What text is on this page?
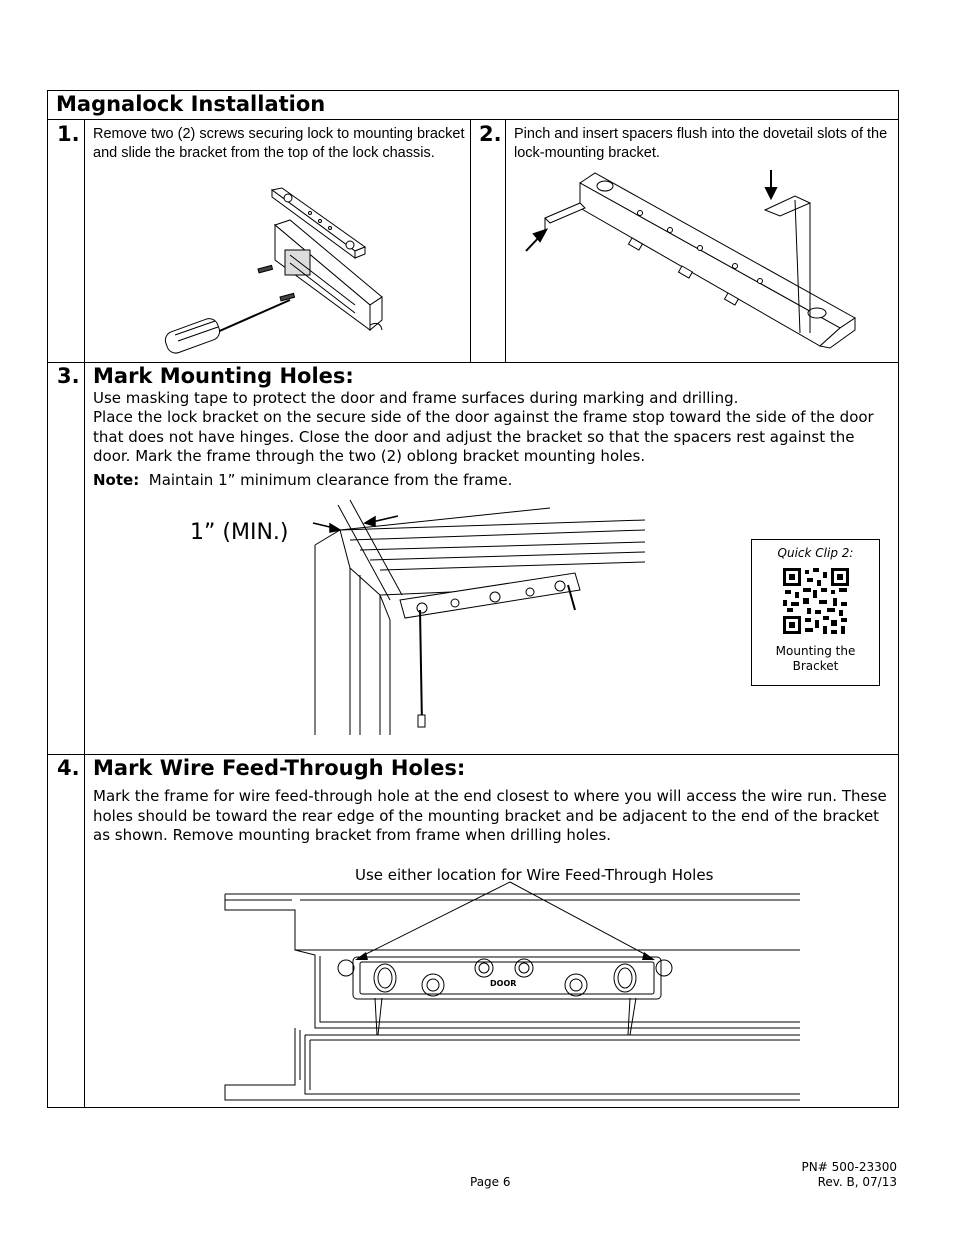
Magnalock Installation
1. Remove two (2) screws securing lock to mounting bracket and slide the bracket from the top of the lock chassis.
2. Pinch and insert spacers flush into the dovetail slots of the lock-mounting bracket.
3. Mark Mounting Holes:
Use masking tape to protect the door and frame surfaces during marking and drilling.
Place the lock bracket on the secure side of the door against the frame stop toward the side of the door that does not have hinges. Close the door and adjust the bracket so that the spacers rest against the door. Mark the frame through the two (2) oblong bracket mounting holes.
Note: Maintain 1” minimum clearance from the frame.
1” (MIN.)
Quick Clip 2:
Mounting the Bracket
4. Mark Wire Feed-Through Holes:
Mark the frame for wire feed-through hole at the end closest to where you will access the wire run. These holes should be toward the rear edge of the mounting bracket and be adjacent to the end of the bracket as shown. Remove mounting bracket from frame when drilling holes.
Use either location for Wire Feed-Through Holes
DOOR
Page 6
PN# 500-23300
Rev. B, 07/13
